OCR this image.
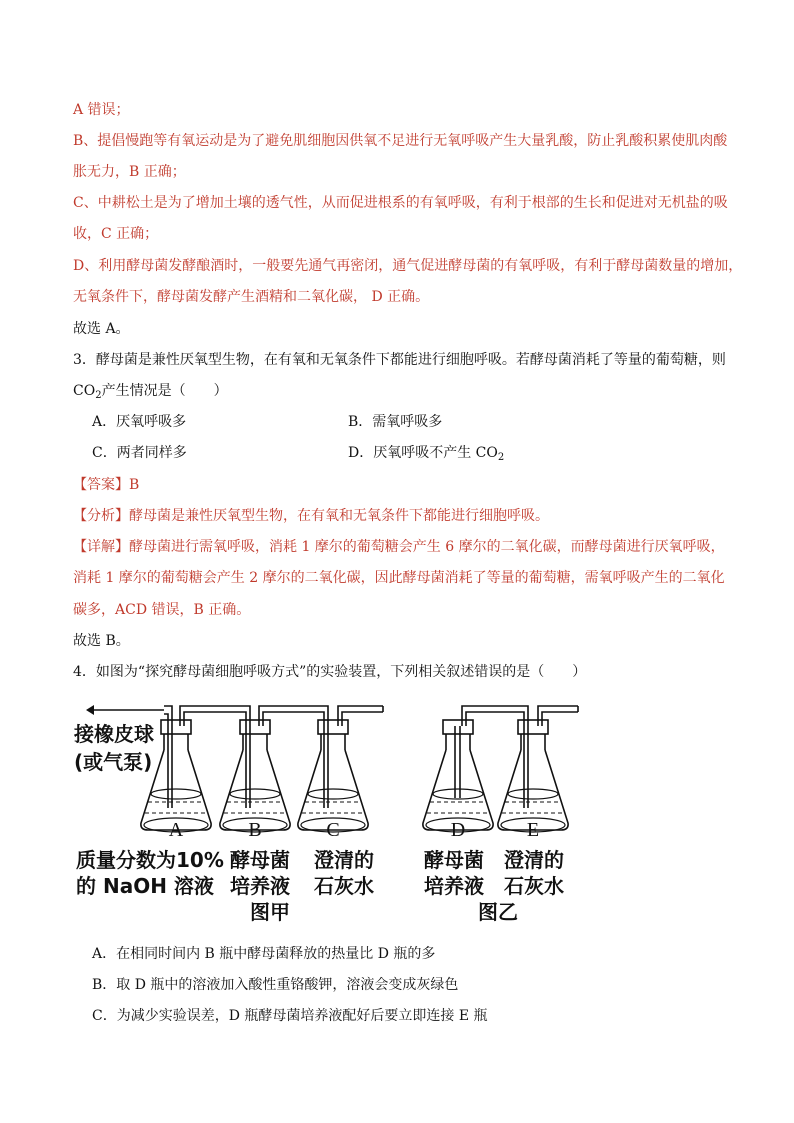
A 错误；
B、提倡慢跑等有氧运动是为了避免肌细胞因供氧不足进行无氧呼吸产生大量乳酸，防止乳酸积累使肌肉酸
胀无力，B 正确；
C、中耕松土是为了增加土壤的透气性，从而促进根系的有氧呼吸，有利于根部的生长和促进对无机盐的吸
收，C 正确；
D、利用酵母菌发酵酿酒时，一般要先通气再密闭，通气促进酵母菌的有氧呼吸，有利于酵母菌数量的增加，
无氧条件下，酵母菌发酵产生酒精和二氧化碳， D 正确。
故选 A。
3．酵母菌是兼性厌氧型生物，在有氧和无氧条件下都能进行细胞呼吸。若酵母菌消耗了等量的葡萄糖，则
$CO_2$产生情况是（　　）
A．厌氧呼吸多	B．需氧呼吸多
C．两者同样多	D．厌氧呼吸不产生 $CO_2$
【答案】B
【分析】酵母菌是兼性厌氧型生物，在有氧和无氧条件下都能进行细胞呼吸。
【详解】酵母菌进行需氧呼吸，消耗 1 摩尔的葡萄糖会产生 6 摩尔的二氧化碳，而酵母菌进行厌氧呼吸，
消耗 1 摩尔的葡萄糖会产生 2 摩尔的二氧化碳，因此酵母菌消耗了等量的葡萄糖，需氧呼吸产生的二氧化
碳多，ACD 错误，B 正确。
故选 B。
4．如图为“探究酵母菌细胞呼吸方式”的实验装置，下列相关叙述错误的是（　　）
A	B	C	D	E
接橡皮球
(或气泵)
质量分数为10%
的 NaOH 溶液
酵母菌
培养液
澄清的
石灰水
图甲
酵母菌
培养液
澄清的
石灰水
图乙
A．在相同时间内 B 瓶中酵母菌释放的热量比 D 瓶的多
B．取 D 瓶中的溶液加入酸性重铬酸钾，溶液会变成灰绿色
C．为减少实验误差，D 瓶酵母菌培养液配好后要立即连接 E 瓶
